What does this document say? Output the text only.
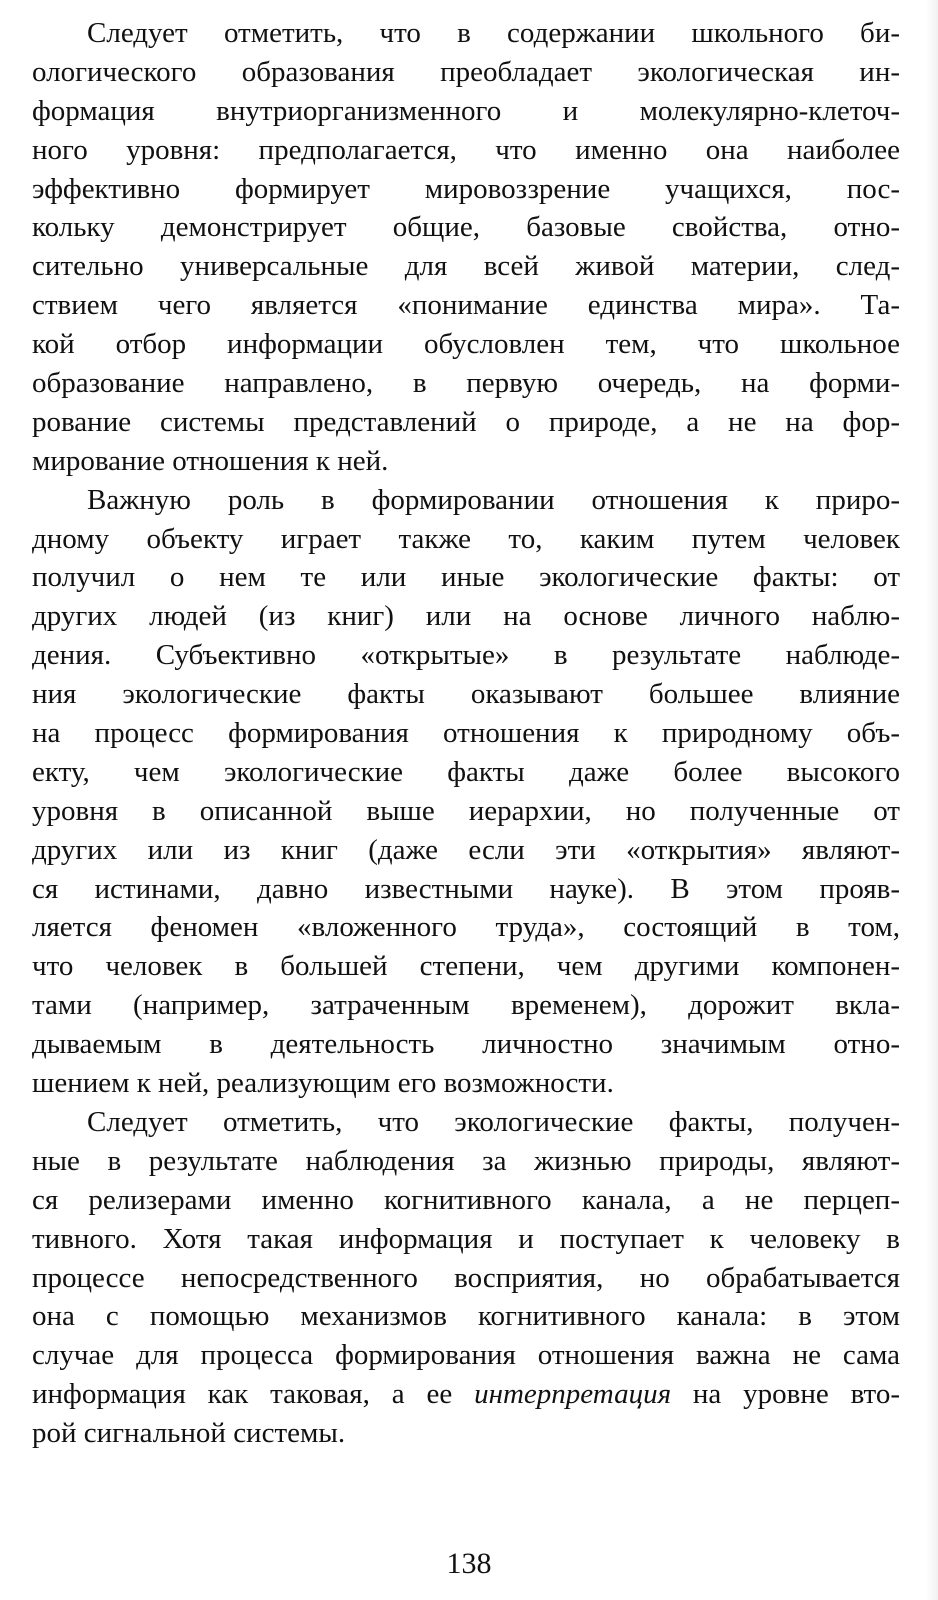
Следует отметить, что в содержании школьного би-
ологического образования преобладает экологическая ин-
формация внутриорганизменного и молекулярно-клеточ-
ного уровня: предполагается, что именно она наиболее
эффективно формирует мировоззрение учащихся, пос-
кольку демонстрирует общие, базовые свойства, отно-
сительно универсальные для всей живой материи, след-
ствием чего является «понимание единства мира». Та-
кой отбор информации обусловлен тем, что школьное
образование направлено, в первую очередь, на форми-
рование системы представлений о природе, а не на фор-
мирование отношения к ней.
Важную роль в формировании отношения к приро-
дному объекту играет также то, каким путем человек
получил о нем те или иные экологические факты: от
других людей (из книг) или на основе личного наблю-
дения. Субъективно «открытые» в результате наблюде-
ния экологические факты оказывают большее влияние
на процесс формирования отношения к природному объ-
екту, чем экологические факты даже более высокого
уровня в описанной выше иерархии, но полученные от
других или из книг (даже если эти «открытия» являют-
ся истинами, давно известными науке). В этом прояв-
ляется феномен «вложенного труда», состоящий в том,
что человек в большей степени, чем другими компонен-
тами (например, затраченным временем), дорожит вкла-
дываемым в деятельность личностно значимым отно-
шением к ней, реализующим его возможности.
Следует отметить, что экологические факты, получен-
ные в результате наблюдения за жизнью природы, являют-
ся релизерами именно когнитивного канала, а не перцеп-
тивного. Хотя такая информация и поступает к человеку в
процессе непосредственного восприятия, но обрабатывается
она с помощью механизмов когнитивного канала: в этом
случае для процесса формирования отношения важна не сама
информация как таковая, а ее интерпретация на уровне вто-
рой сигнальной системы.
138
